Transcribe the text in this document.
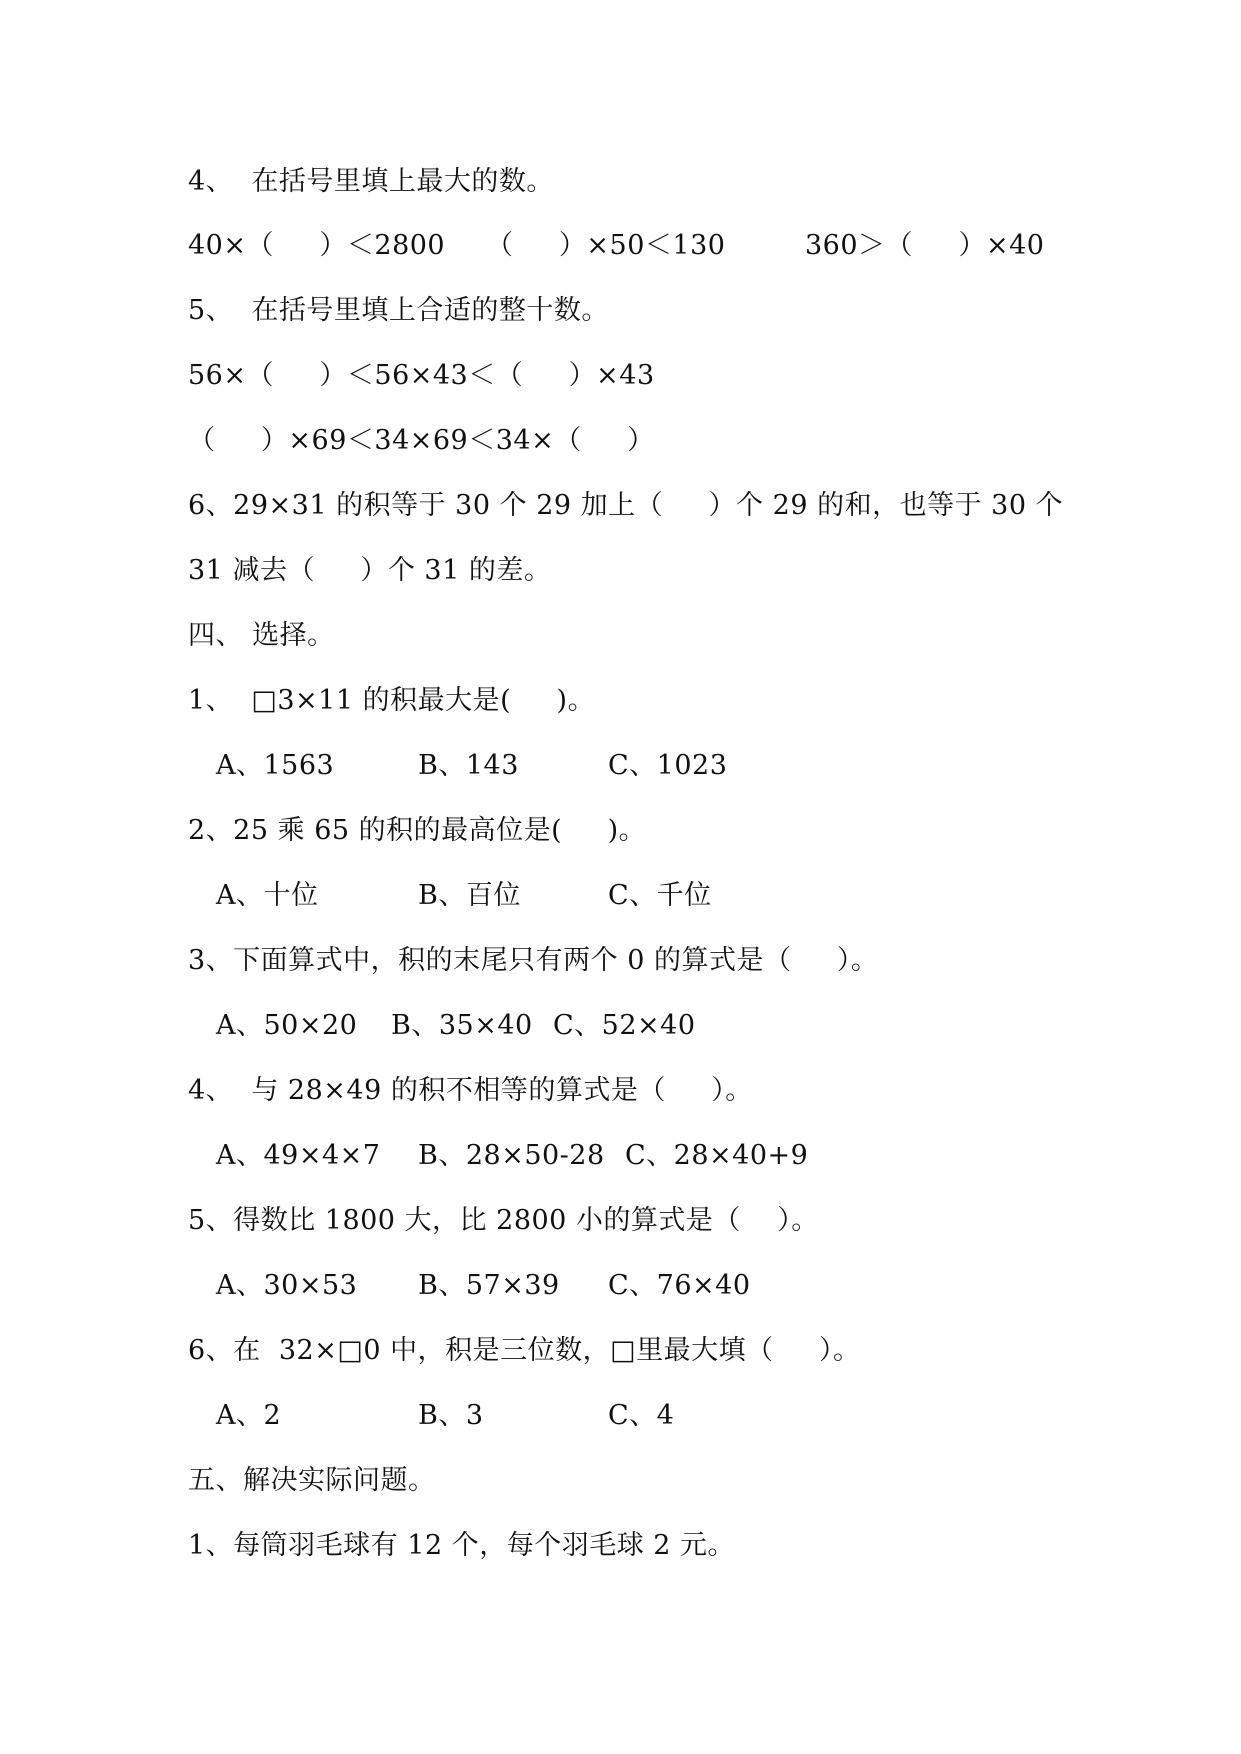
4、  在括号里填上最大的数。

40×（     ）＜2800

（     ）×50＜130

	360＞（     ）×40

5、  在括号里填上合适的整十数。
56×（     ）＜56×43＜（     ）×43
（     ）×69＜34×69＜34×（     ）
6、29×31 的积等于 30 个 29 加上（     ）个 29 的和，也等于 30 个
31 减去（     ）个 31 的差。
四、 选择。
1、  □3×11 的积最大是(     )。

A、1563

	B、143

	C、1023

2、25 乘 65 的积的最高位是(     )。

A、十位

	B、百位

	C、千位

3、下面算式中，积的末尾只有两个 0 的算式是（     ）。

A、50×20

B、35×40

C、52×40

4、  与 28×49 的积不相等的算式是（     ）。

A、49×4×7

B、28×50-28

C、28×40+9

5、得数比 1800 大，比 2800 小的算式是（    ）。

A、30×53

B、57×39

C、76×40

6、在  32×□0 中，积是三位数，□里最大填（     ）。

A、2

	B、3

	C、4

五、解决实际问题。
1、每筒羽毛球有 12 个，每个羽毛球 2 元。
